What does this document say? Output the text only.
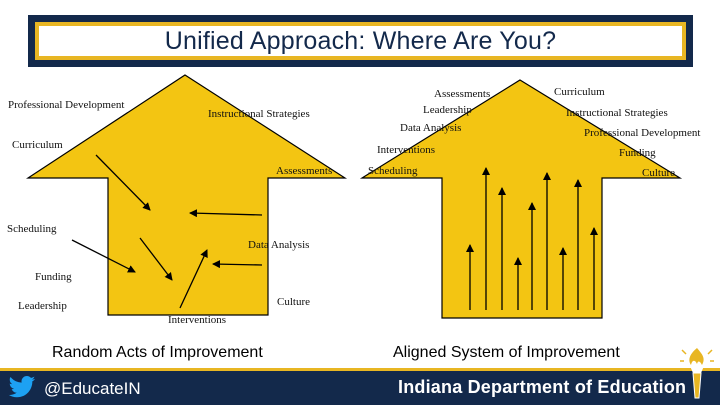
Unified Approach: Where Are You?
Professional Development
Instructional Strategies
Curriculum
Assessments
Scheduling
Data Analysis
Funding
Leadership	Culture
Interventions
Random Acts of Improvement
Assessments
Leadership
Data Analysis
Interventions
Scheduling
Curriculum
Instructional Strategies
Professional Development
Funding
Culture
Aligned System of Improvement
@EducateIN	Indiana Department of Education
